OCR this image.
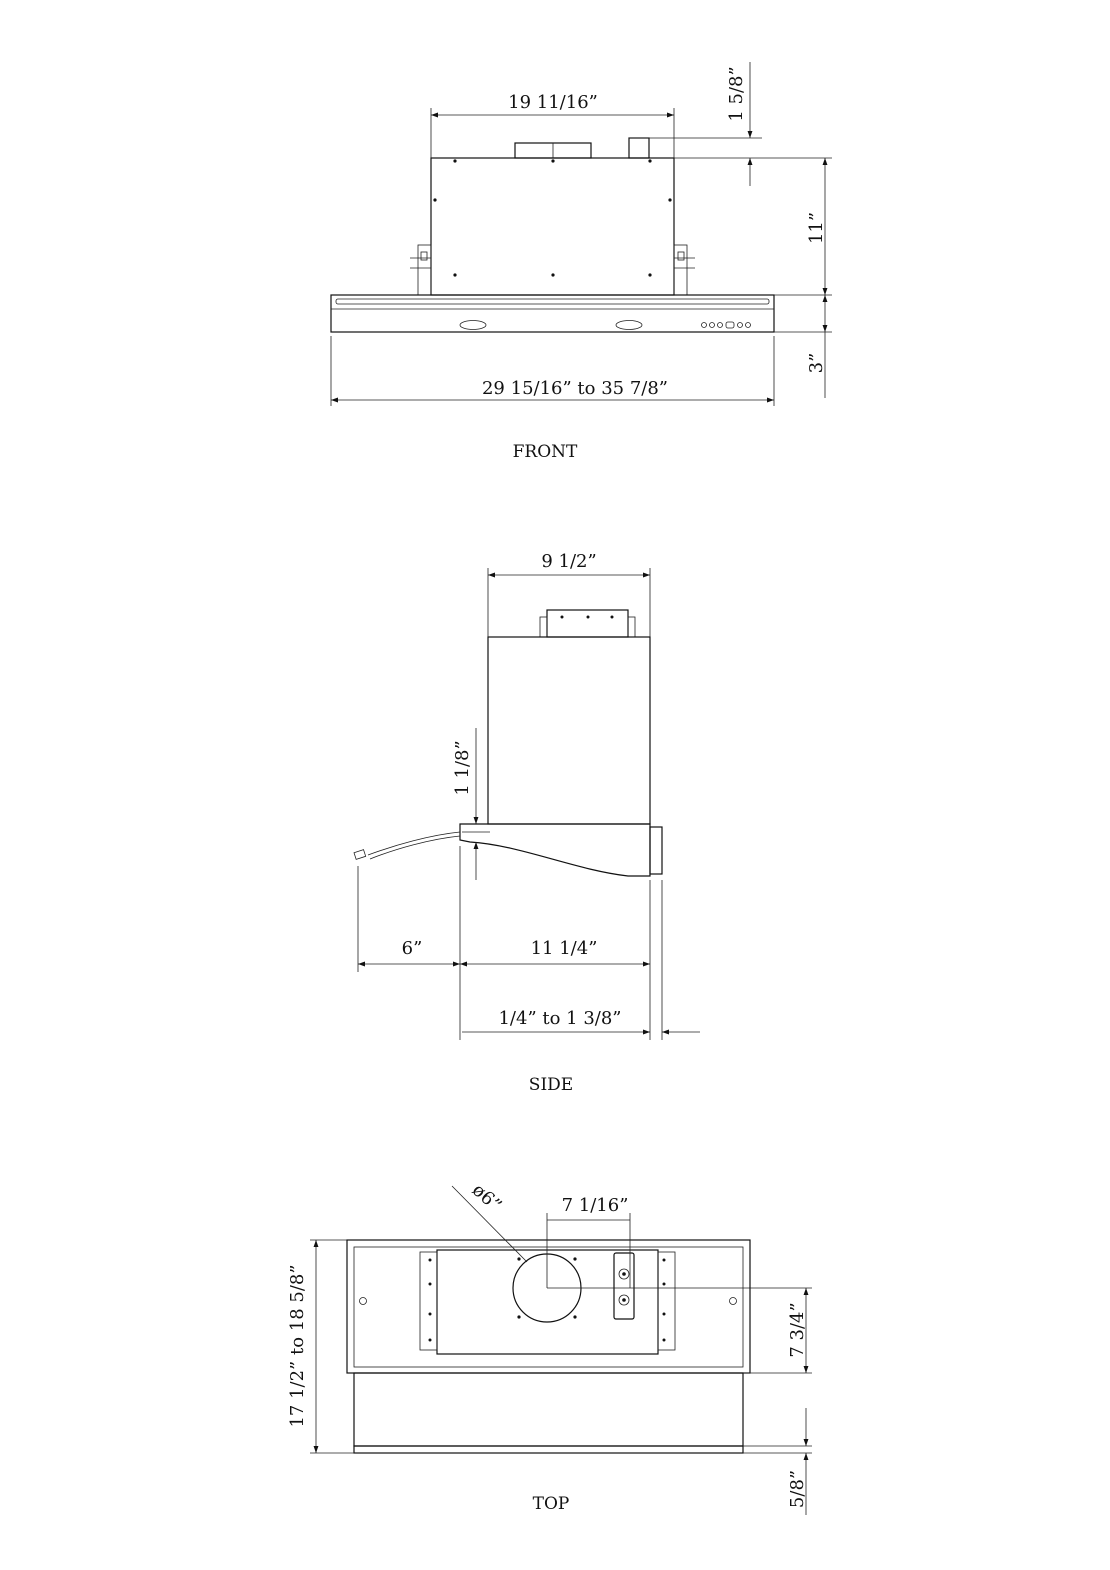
19 11/16”	1 5/8”
11”
3”
29 15/16” to 35 7/8”
FRONT
9 1/2”
1 1/8”
6”	11 1/4”
1/4” to 1 3/8”
SIDE
ø6”	7 1/16”
7 3/4”
5/8”
17 1/2” to 18 5/8”
TOP
